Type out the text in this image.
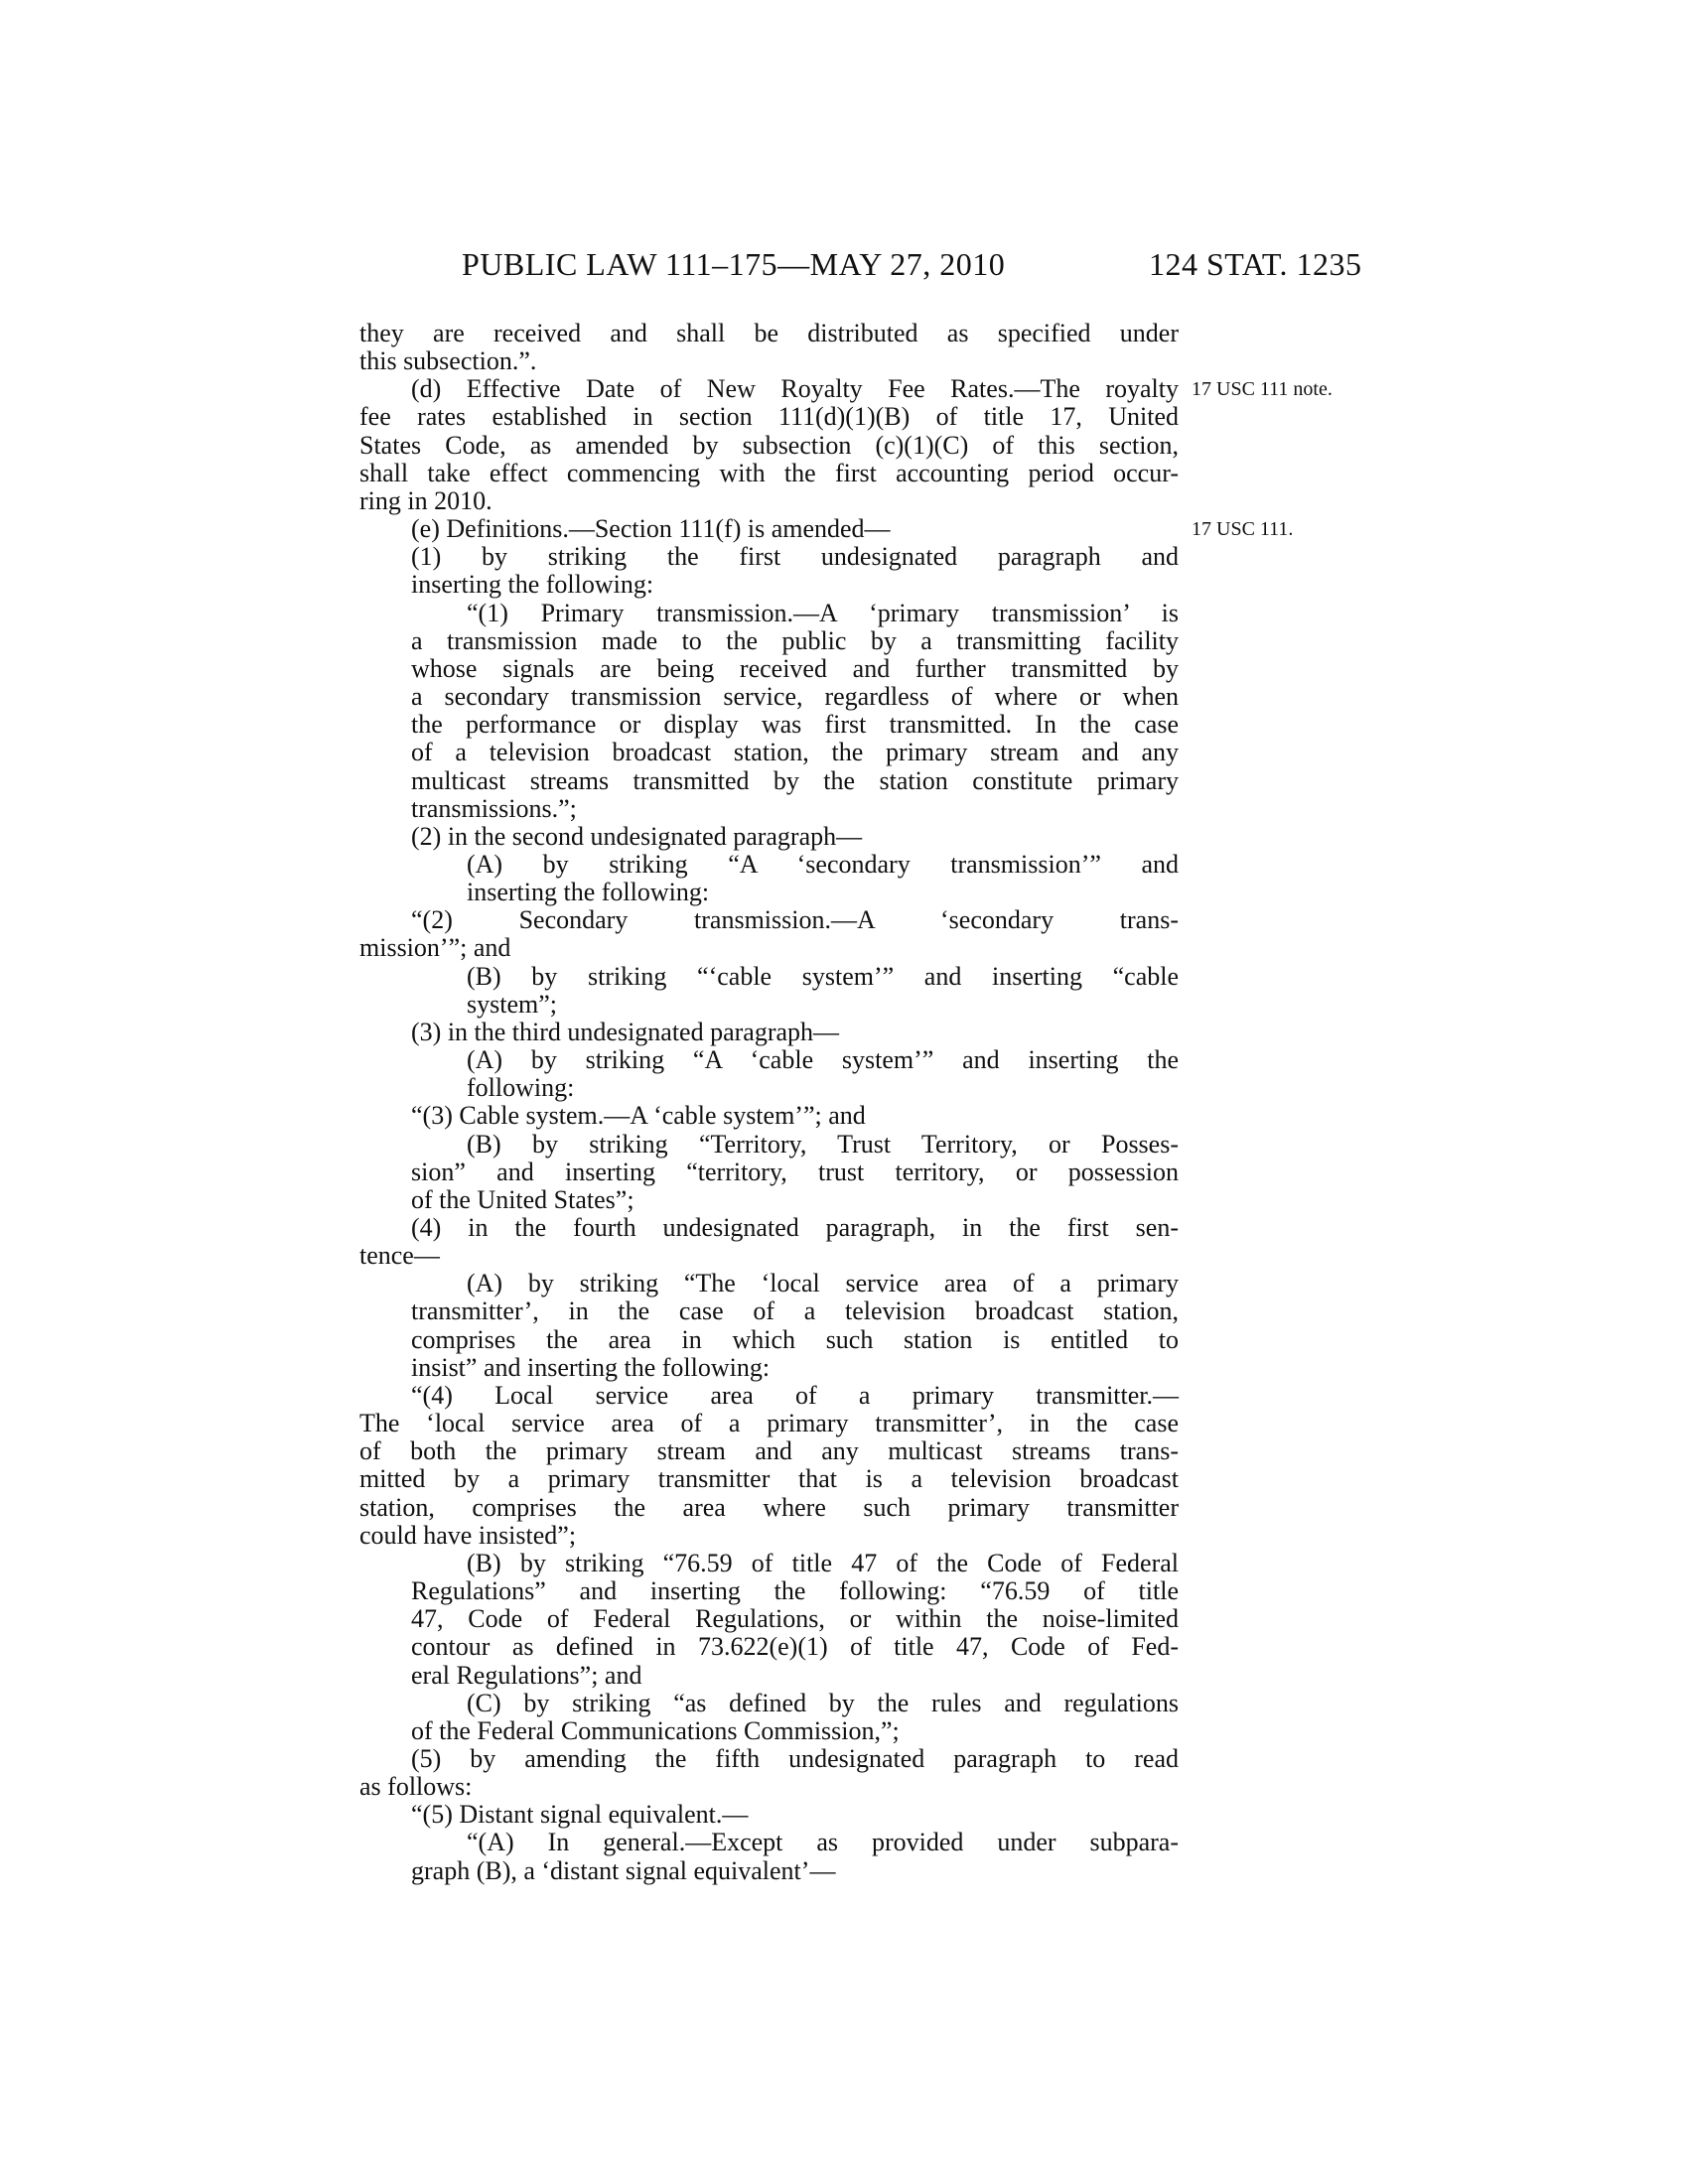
PUBLIC LAW 111–175—MAY 27, 2010	124 STAT. 1235
17 USC 111 note.
17 USC 111.
they are received and shall be distributed as specified under
this subsection.”.
(d) Effective Date of New Royalty Fee Rates.—The royalty
fee rates established in section 111(d)(1)(B) of title 17, United
States Code, as amended by subsection (c)(1)(C) of this section,
shall take effect commencing with the first accounting period occur-
ring in 2010.
(e) Definitions.—Section 111(f) is amended—
(1) by striking the first undesignated paragraph and
inserting the following:
“(1) Primary transmission.—A ‘primary transmission’ is
a transmission made to the public by a transmitting facility
whose signals are being received and further transmitted by
a secondary transmission service, regardless of where or when
the performance or display was first transmitted. In the case
of a television broadcast station, the primary stream and any
multicast streams transmitted by the station constitute primary
transmissions.”;
(2) in the second undesignated paragraph—
(A) by striking “A ‘secondary transmission’” and
inserting the following:
“(2) Secondary transmission.—A ‘secondary trans-
mission’”; and
(B) by striking “‘cable system’” and inserting “cable
system”;
(3) in the third undesignated paragraph—
(A) by striking “A ‘cable system’” and inserting the
following:
“(3) Cable system.—A ‘cable system’”; and
(B) by striking “Territory, Trust Territory, or Posses-
sion” and inserting “territory, trust territory, or possession
of the United States”;
(4) in the fourth undesignated paragraph, in the first sen-
tence—
(A) by striking “The ‘local service area of a primary
transmitter’, in the case of a television broadcast station,
comprises the area in which such station is entitled to
insist” and inserting the following:
“(4) Local service area of a primary transmitter.—
The ‘local service area of a primary transmitter’, in the case
of both the primary stream and any multicast streams trans-
mitted by a primary transmitter that is a television broadcast
station, comprises the area where such primary transmitter
could have insisted”;
(B) by striking “76.59 of title 47 of the Code of Federal
Regulations” and inserting the following: “76.59 of title
47, Code of Federal Regulations, or within the noise-limited
contour as defined in 73.622(e)(1) of title 47, Code of Fed-
eral Regulations”; and
(C) by striking “as defined by the rules and regulations
of the Federal Communications Commission,”;
(5) by amending the fifth undesignated paragraph to read
as follows:
“(5) Distant signal equivalent.—
“(A) In general.—Except as provided under subpara-
graph (B), a ‘distant signal equivalent’—
